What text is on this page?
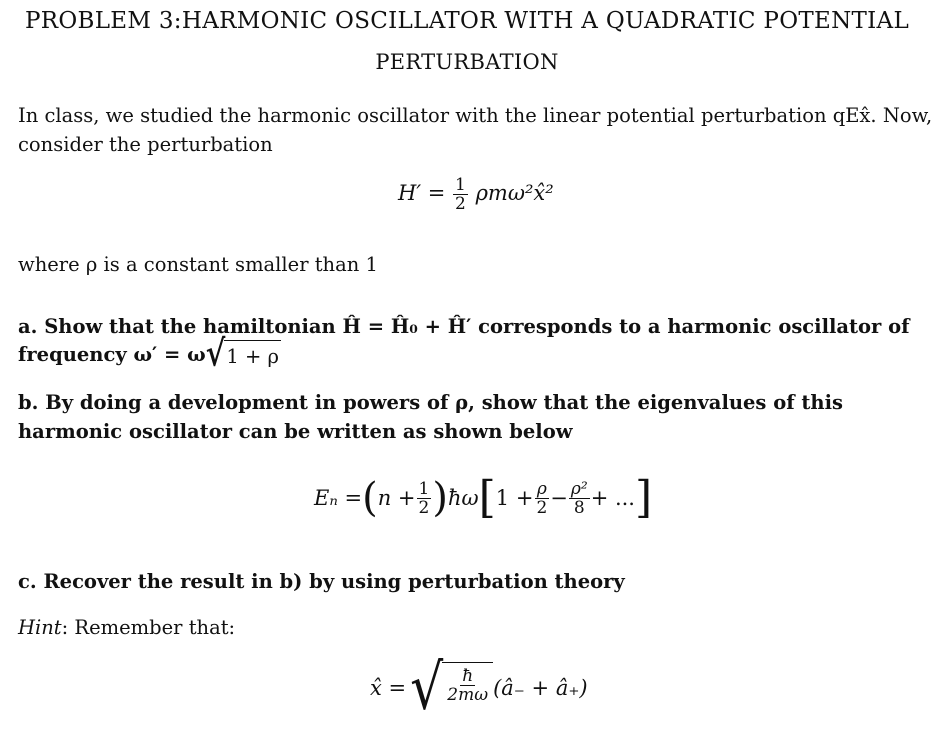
PROBLEM 3:HARMONIC OSCILLATOR WITH A QUADRATIC POTENTIAL
PERTURBATION
In class, we studied the harmonic oscillator with the linear potential perturbation qEx̂. Now,
consider the perturbation
$H' = \frac{1}{2}$ ρmω²x̂²
where ρ is a constant smaller than 1
a. Show that the hamiltonian Ĥ = Ĥ₀ + Ĥ′ corresponds to a harmonic oscillator of
frequency ω′ = ω √ 1 + ρ
b. By doing a development in powers of ρ, show that the eigenvalues of this
harmonic oscillator can be written as shown below
Eₙ = ( $n + \frac{1}{2}$ ) ħω [ $1 + \frac{\rho}{2} - \frac{\text{ρ²}}{8}$ + ... ]
c. Recover the result in b) by using perturbation theory
Hint: Remember that:
x̂ = √ $\frac{ħ}{2m\omega}$ (â₋ + â₊)
